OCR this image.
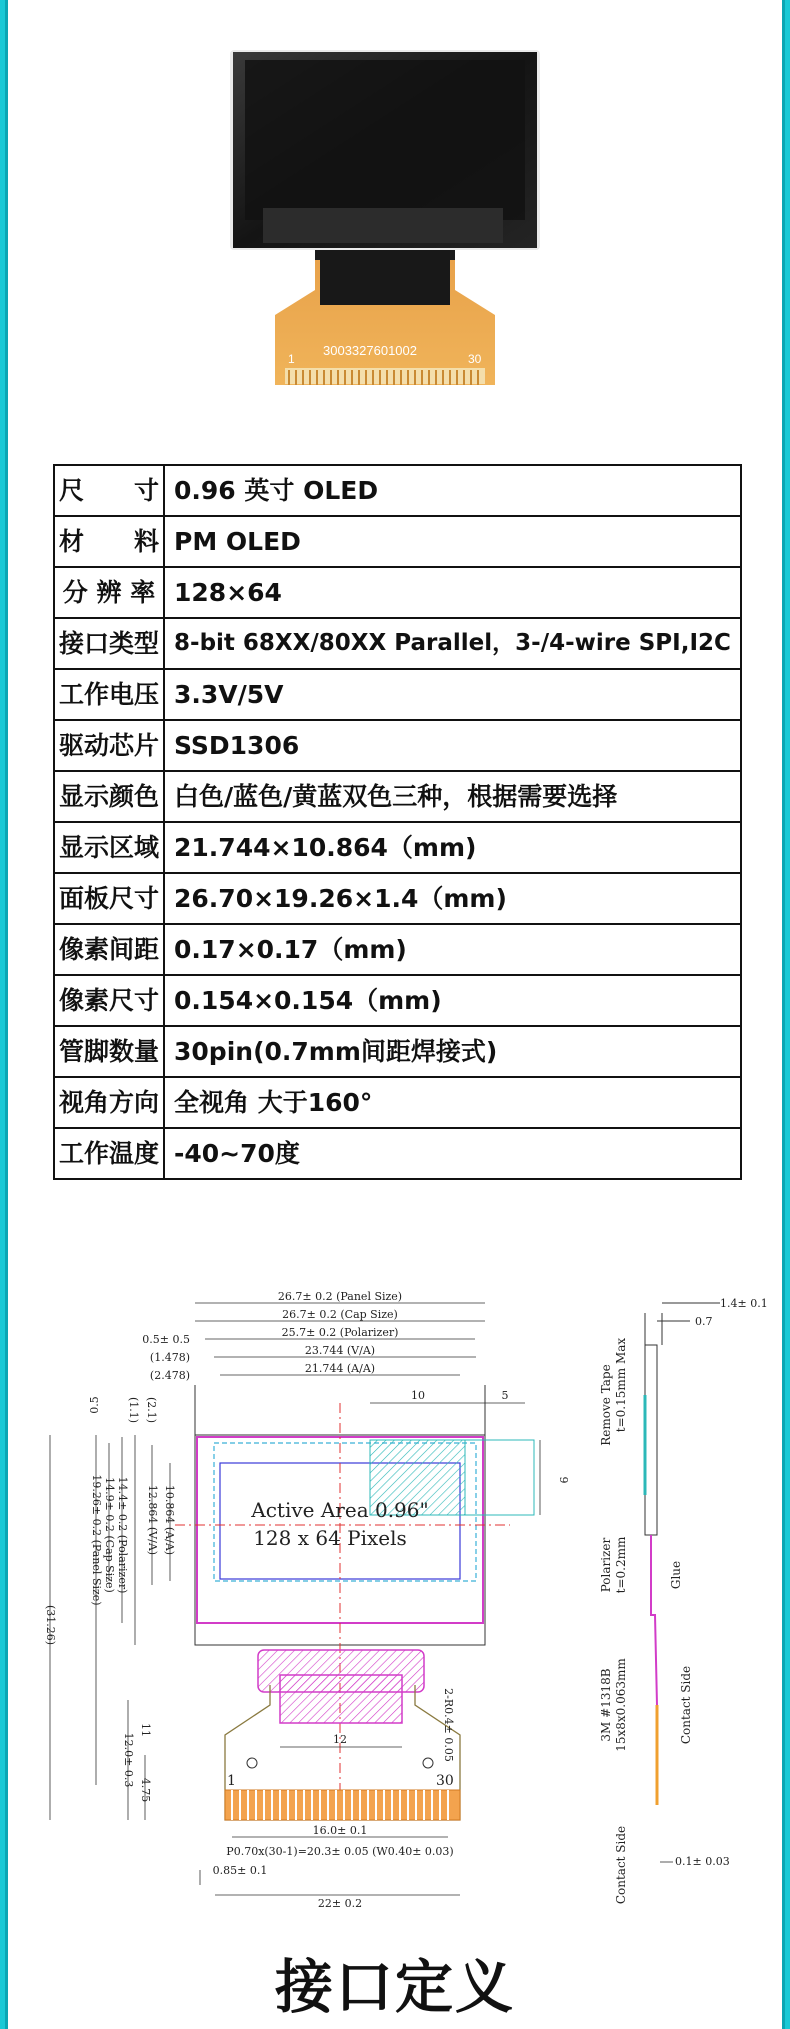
3003327601002
1	30
尺　　寸	0.96 英寸 OLED
材　　料	PM OLED
分 辨 率	128×64
接口类型	8-bit 68XX/80XX Parallel，3-/4-wire SPI,I2C
工作电压	3.3V/5V
驱动芯片	SSD1306
显示颜色	白色/蓝色/黄蓝双色三种，根据需要选择
显示区域	21.744×10.864（mm)
面板尺寸	26.70×19.26×1.4（mm)
像素间距	0.17×0.17（mm)
像素尺寸	0.154×0.154（mm)
管脚数量	30pin(0.7mm间距焊接式)
视角方向	全视角 大于160°
工作温度	-40~70度
Active Area 0.96"
128 x 64 Pixels
1	30
26.7± 0.2 (Panel Size)
26.7± 0.2 (Cap Size)
25.7± 0.2 (Polarizer)
23.744 (V/A)
21.744 (A/A)
0.5± 0.5
(1.478)
(2.478)
10	5
9
0.5 (1.1) (2.1)
10.864 (A/A)
12.864 (V/A)
14.4± 0.2 (Polarizer)
14.9± 0.2 (Cap Size)
19.26± 0.2 (Panel Size)
(31.26)
12.0± 0.3
11
4.75
12	2-R0.4± 0.05
16.0± 0.1
P0.70x(30-1)=20.3± 0.05 (W0.40± 0.03)
0.85± 0.1
22± 0.2
1.4± 0.1
0.7
Remove Tape t=0.15mm Max
Polarizer t=0.2mm	Glue
3M #1318B 15x8x0.063mm	Contact Side
Contact Side	0.1± 0.03
接口定义
